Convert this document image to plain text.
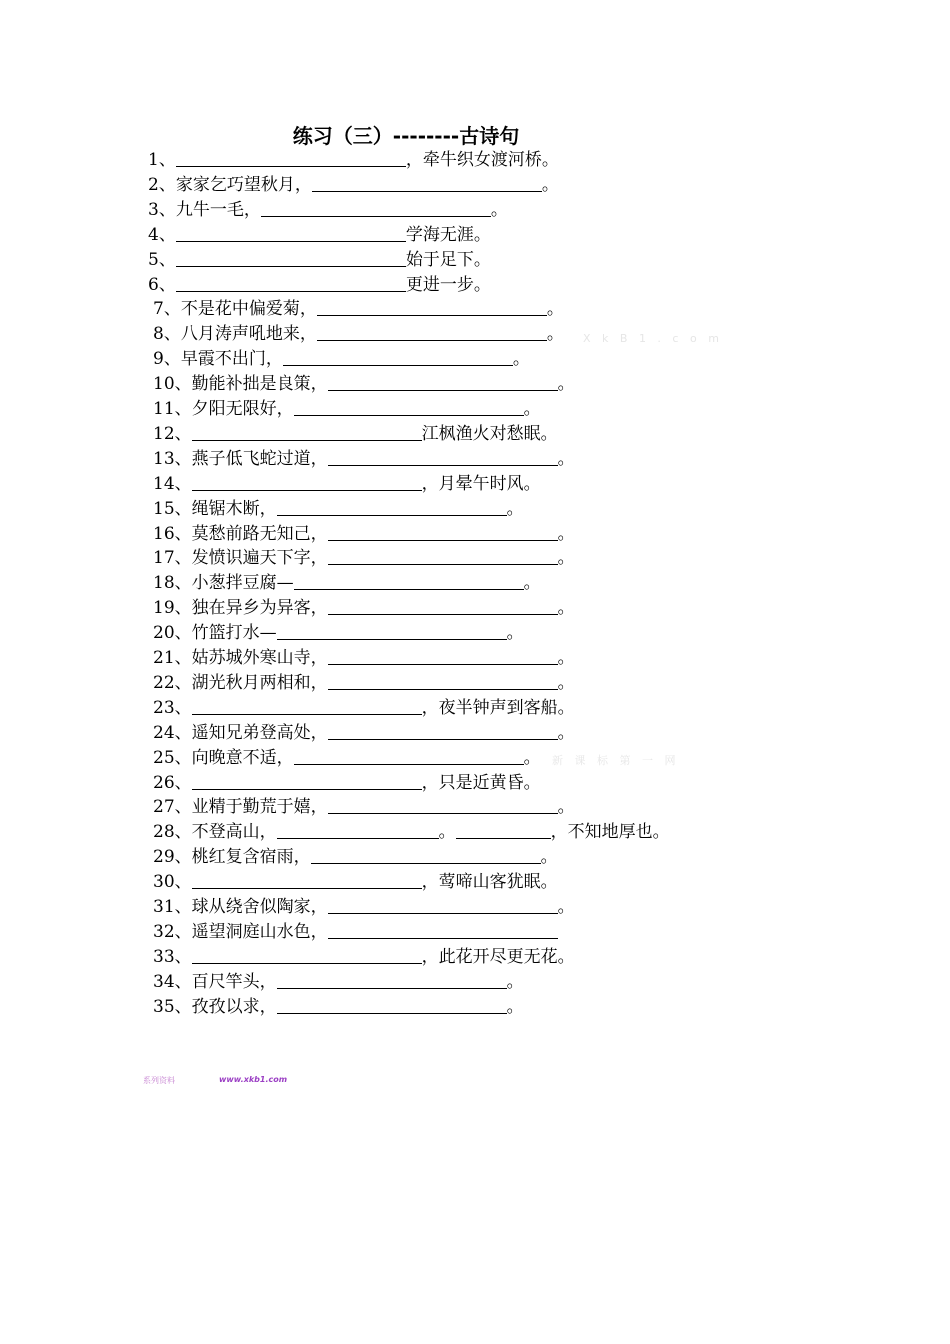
练习（三）--------古诗句
1、	，牵牛织女渡河桥。
2、家家乞巧望秋月，	。
3、九牛一毛，	。
4、	学海无涯。
5、	始于足下。
6、	更进一步。
7、不是花中偏爱菊，	。
8、八月涛声吼地来，	。
9、早霞不出门，	。
10、勤能补拙是良策，	。
11、夕阳无限好，	。
12、	江枫渔火对愁眠。
13、燕子低飞蛇过道，	。
14、	，月晕午时风。
15、绳锯木断，	。
16、莫愁前路无知己，	。
17、发愤识遍天下字，	。
18、小葱拌豆腐—	。
19、独在异乡为异客，	。
20、竹篮打水—	。
21、姑苏城外寒山寺，	。
22、湖光秋月两相和，	。
23、	，夜半钟声到客船。
24、遥知兄弟登高处，	。
25、向晚意不适，	。
26、	，只是近黄昏。
27、业精于勤荒于嬉，	。
28、不登高山，	。	，不知地厚也。
29、桃红复含宿雨，	。
30、	，莺啼山客犹眠。
31、球从绕舍似陶家，	。
32、遥望洞庭山水色，
33、	，此花开尽更无花。
34、百尺竿头，	。
35、孜孜以求，	。
X k B 1 . c o m
新 课 标 第 一 网
系列资料	www.xkb1.com
